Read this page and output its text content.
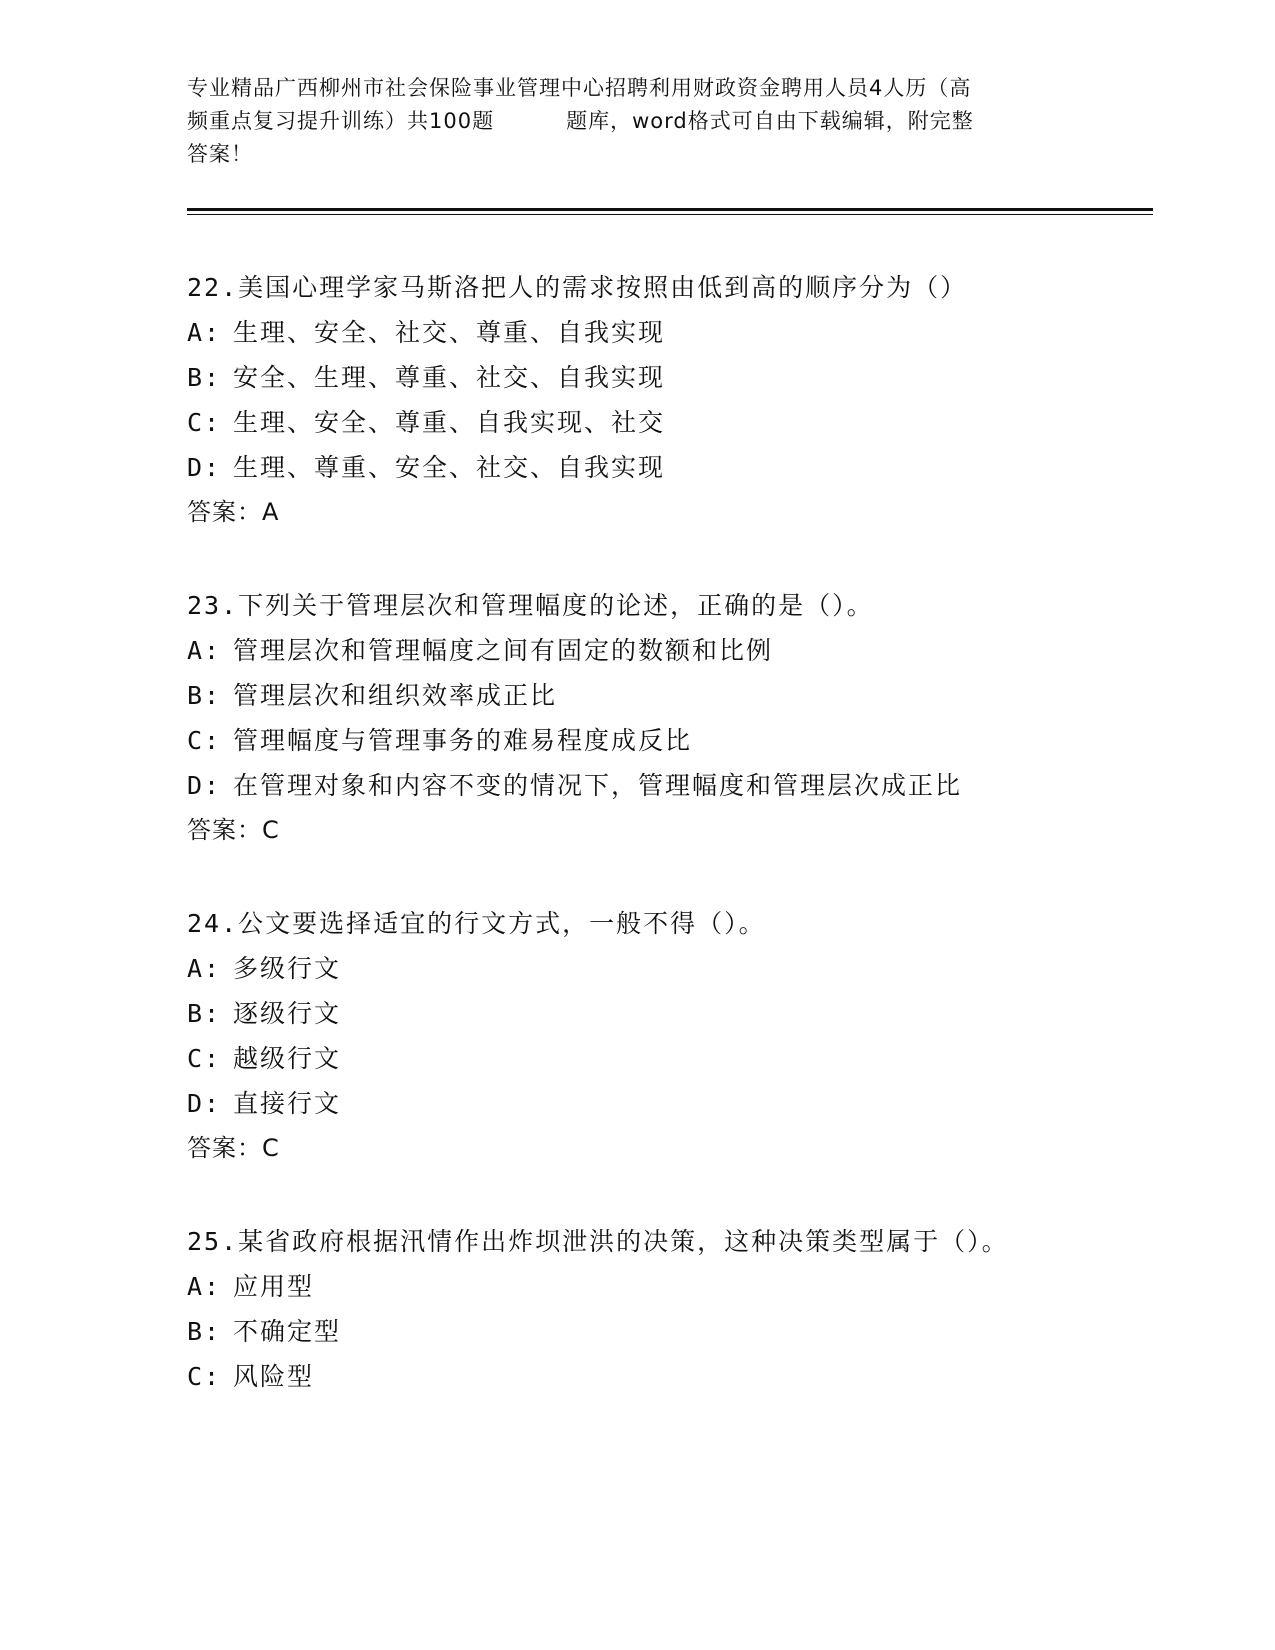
专业精品广西柳州市社会保险事业管理中心招聘利用财政资金聘用人员4人历（高
频重点复习提升训练）共100题	题库，word格式可自由下载编辑，附完整
答案！

22.美国心理学家马斯洛把人的需求按照由低到高的顺序分为（）

A: 生理、安全、社交、尊重、自我实现

B: 安全、生理、尊重、社交、自我实现

C: 生理、安全、尊重、自我实现、社交

D: 生理、尊重、安全、社交、自我实现

答案：A

23.下列关于管理层次和管理幅度的论述，正确的是（）。

A: 管理层次和管理幅度之间有固定的数额和比例

B: 管理层次和组织效率成正比

C: 管理幅度与管理事务的难易程度成反比

D: 在管理对象和内容不变的情况下，管理幅度和管理层次成正比

答案：C

24.公文要选择适宜的行文方式，一般不得（）。

A: 多级行文

B: 逐级行文

C: 越级行文

D: 直接行文

答案：C

25.某省政府根据汛情作出炸坝泄洪的决策，这种决策类型属于（）。

A: 应用型

B: 不确定型

C: 风险型
